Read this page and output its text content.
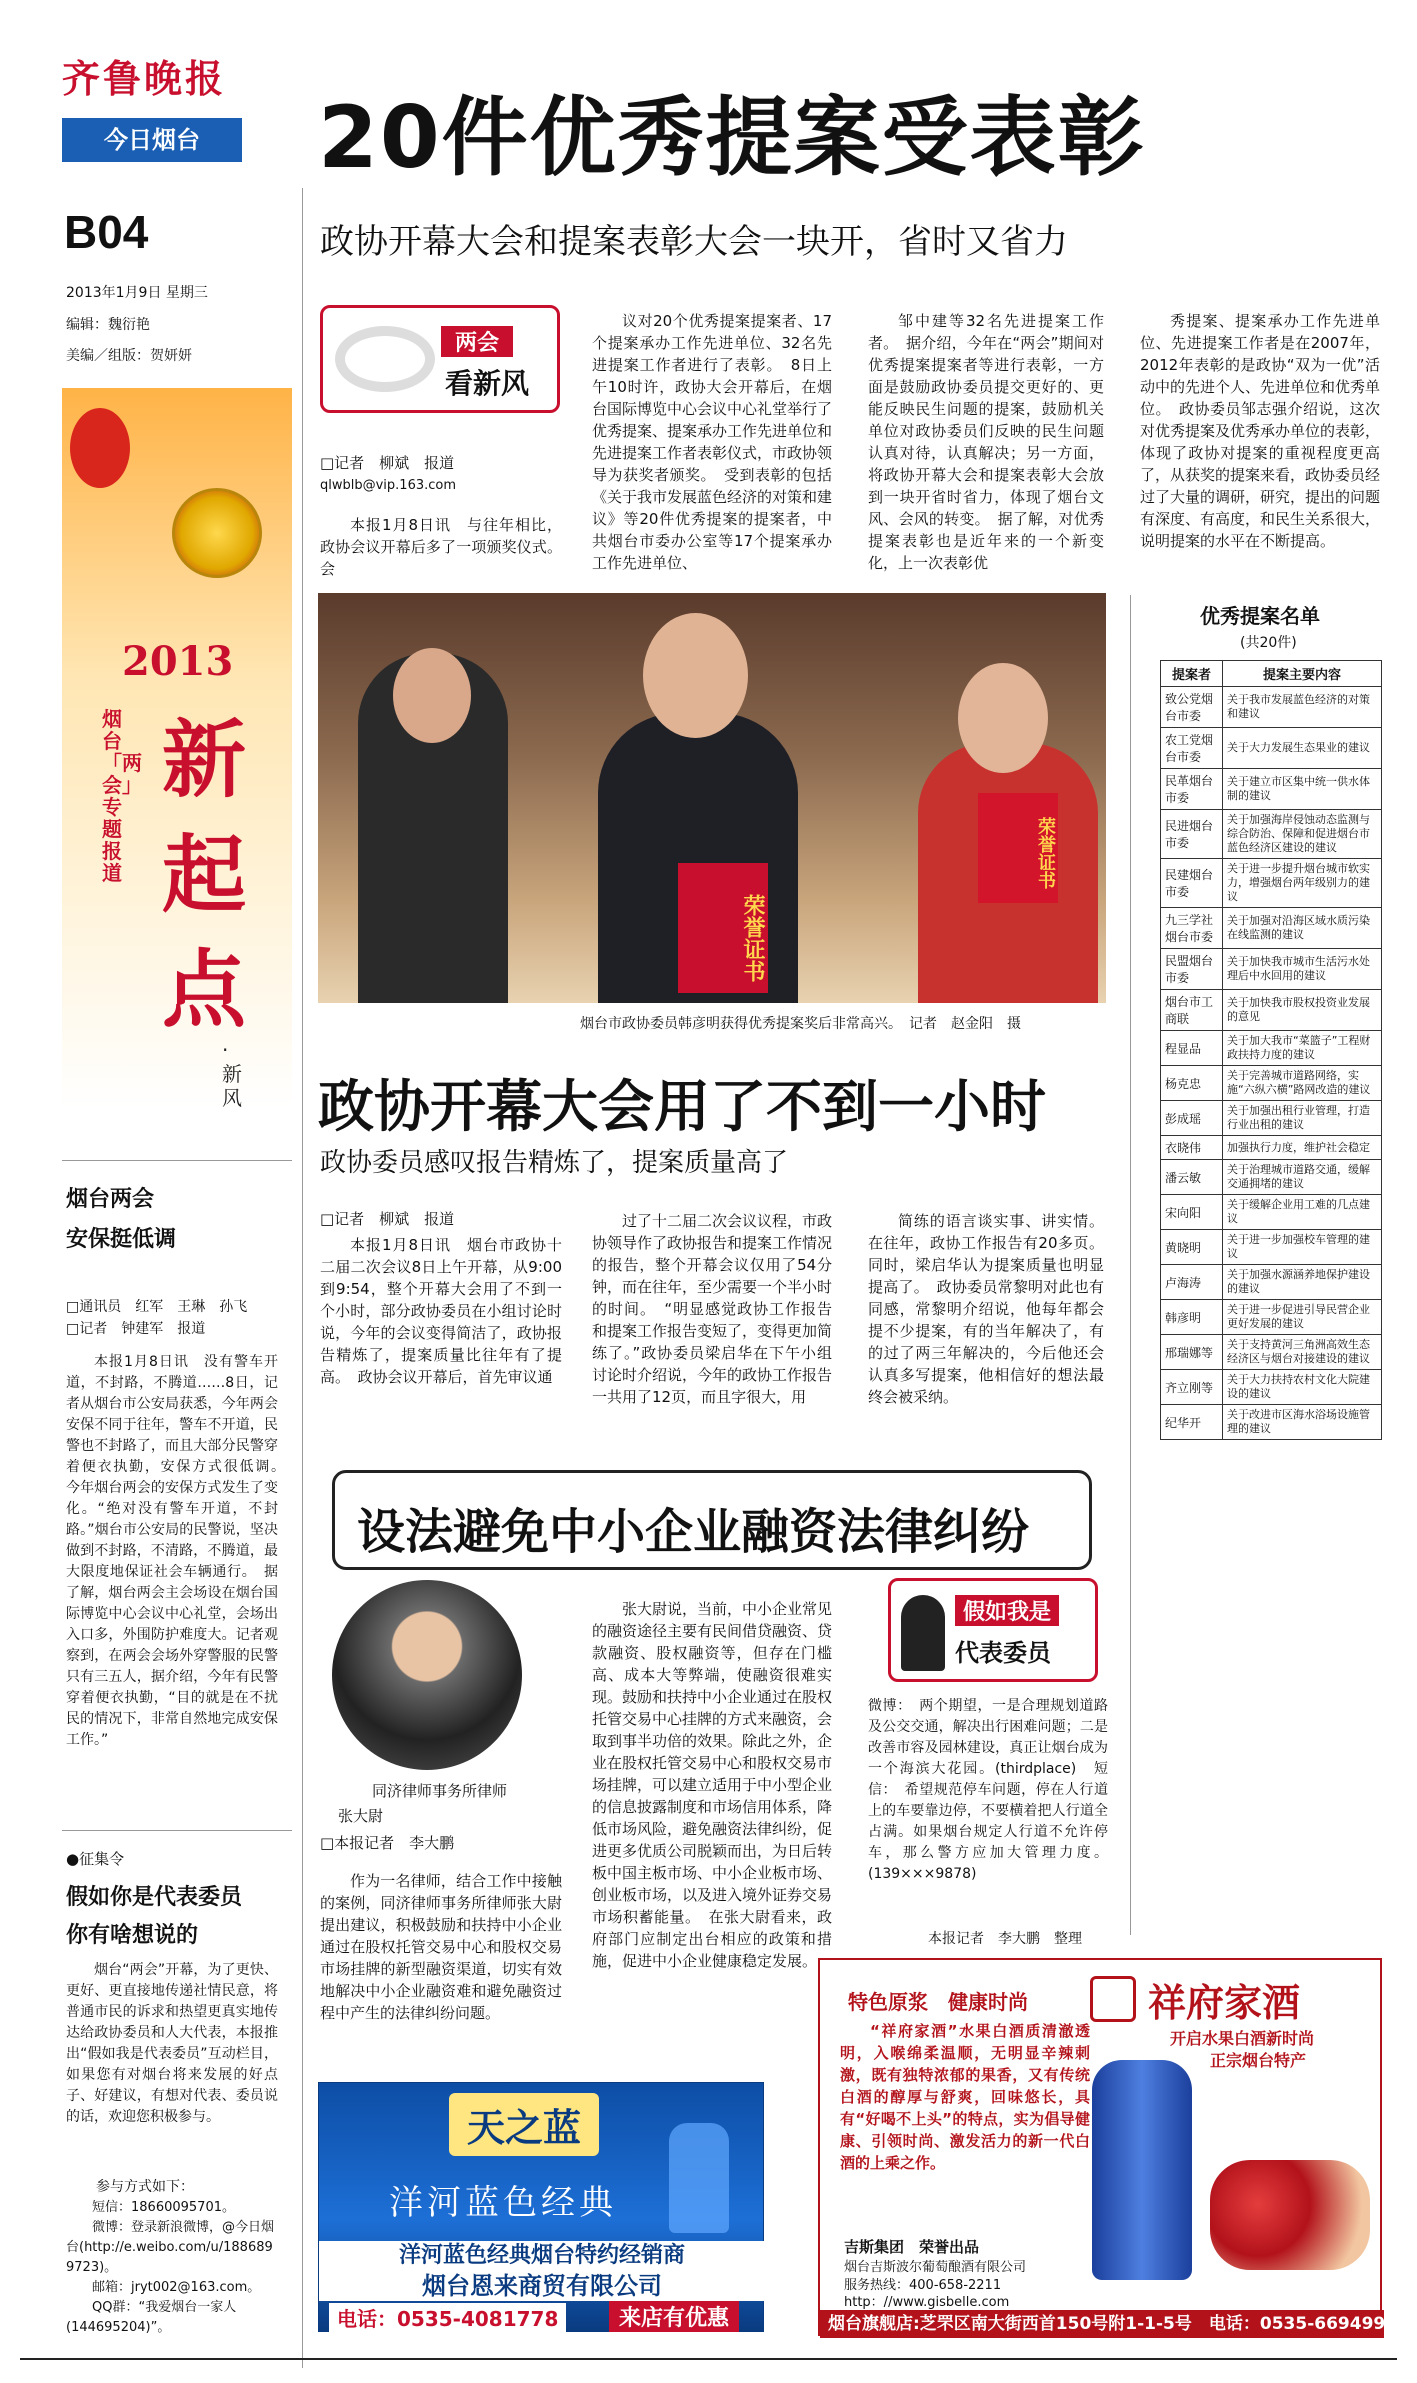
齐鲁晚报
今日烟台
B04
2013年1月9日 星期三
编辑：魏衍艳
美编／组版：贺妍妍
2013
新
起
点
烟台「两会」专题报道
·新风
20件优秀提案受表彰
政协开幕大会和提案表彰大会一块开，省时又省力
两会
看新风
□记者　柳斌　报道
qlwblb@vip.163.com

本报1月8日讯　与往年相比，政协会议开幕后多了一项颁奖仪式。会

议对20个优秀提案提案者、17个提案承办工作先进单位、32名先进提案工作者进行了表彰。　8日上午10时许，政协大会开幕后，在烟台国际博览中心会议中心礼堂举行了优秀提案、提案承办工作先进单位和先进提案工作者表彰仪式，市政协领导为获奖者颁奖。　受到表彰的包括《关于我市发展蓝色经济的对策和建议》等20件优秀提案的提案者，中共烟台市委办公室等17个提案承办工作先进单位、

邹中建等32名先进提案工作者。　据介绍，今年在“两会”期间对优秀提案提案者等进行表彰，一方面是鼓励政协委员提交更好的、更能反映民生问题的提案，鼓励机关单位对政协委员们反映的民生问题认真对待，认真解决；另一方面，将政协开幕大会和提案表彰大会放到一块开省时省力，体现了烟台文风、会风的转变。　据了解，对优秀提案表彰也是近年来的一个新变化，上一次表彰优

秀提案、提案承办工作先进单位、先进提案工作者是在2007年，2012年表彰的是政协“双为一优”活动中的先进个人、先进单位和优秀单位。　政协委员邹志强介绍说，这次对优秀提案及优秀承办单位的表彰，体现了政协对提案的重视程度更高了，从获奖的提案来看，政协委员经过了大量的调研，研究，提出的问题有深度、有高度，和民生关系很大，说明提案的水平在不断提高。

荣誉证书
荣誉证书
烟台市政协委员韩彦明获得优秀提案奖后非常高兴。　记者　赵金阳　摄
政协开幕大会用了不到一小时
政协委员感叹报告精炼了，提案质量高了
□记者　柳斌　报道

本报1月8日讯　烟台市政协十二届二次会议8日上午开幕，从9:00到9:54，整个开幕大会用了不到一个小时，部分政协委员在小组讨论时说，今年的会议变得简洁了，政协报告精炼了，提案质量比往年有了提高。　政协会议开幕后，首先审议通

过了十二届二次会议议程，市政协领导作了政协报告和提案工作情况的报告，整个开幕会议仅用了54分钟，而在往年，至少需要一个半小时的时间。　“明显感觉政协工作报告和提案工作报告变短了，变得更加简练了。”政协委员梁启华在下午小组讨论时介绍说，今年的政协工作报告一共用了12页，而且字很大，用

简练的语言谈实事、讲实情。在往年，政协工作报告有20多页。同时，梁启华认为提案质量也明显提高了。　政协委员常黎明对此也有同感，常黎明介绍说，他每年都会提不少提案，有的当年解决了，有的过了两三年解决的，今后他还会认真多写提案，他相信好的想法最终会被采纳。

设法避免中小企业融资法律纠纷
同济律师事务所律师
张大尉
□本报记者　李大鹏

作为一名律师，结合工作中接触的案例，同济律师事务所律师张大尉提出建议，积极鼓励和扶持中小企业通过在股权托管交易中心和股权交易市场挂牌的新型融资渠道，切实有效地解决中小企业融资难和避免融资过程中产生的法律纠纷问题。

张大尉说，当前，中小企业常见的融资途径主要有民间借贷融资、贷款融资、股权融资等，但存在门槛高、成本大等弊端，使融资很难实现。鼓励和扶持中小企业通过在股权托管交易中心挂牌的方式来融资，会取到事半功倍的效果。除此之外，企业在股权托管交易中心和股权交易市场挂牌，可以建立适用于中小型企业的信息披露制度和市场信用体系，降低市场风险，避免融资法律纠纷，促进更多优质公司脱颖而出，为日后转板中国主板市场、中小企业板市场、创业板市场，以及进入境外证券交易市场积蓄能量。　在张大尉看来，政府部门应制定出台相应的政策和措施，促进中小企业健康稳定发展。

假如我是
代表委员

微博：　两个期望，一是合理规划道路及公交交通，解决出行困难问题；二是改善市容及园林建设，真正让烟台成为一个海滨大花园。(thirdplace)　短信：　希望规范停车问题，停在人行道上的车要靠边停，不要横着把人行道全占满。如果烟台规定人行道不允许停车，那么警方应加大管理力度。(139×××9878)

本报记者　李大鹏　整理
烟台两会
安保挺低调
□通讯员　红军　王琳　孙飞
□记者　钟建军　报道

本报1月8日讯　没有警车开道，不封路，不腾道……8日，记者从烟台市公安局获悉，今年两会安保不同于往年，警车不开道，民警也不封路了，而且大部分民警穿着便衣执勤，安保方式很低调。　今年烟台两会的安保方式发生了变化。“绝对没有警车开道，不封路。”烟台市公安局的民警说，坚决做到不封路，不清路，不腾道，最大限度地保证社会车辆通行。　据了解，烟台两会主会场设在烟台国际博览中心会议中心礼堂，会场出入口多，外围防护难度大。记者观察到，在两会会场外穿警服的民警只有三五人，据介绍，今年有民警穿着便衣执勤，“目的就是在不扰民的情况下，非常自然地完成安保工作。”

●征集令
假如你是代表委员
你有啥想说的

烟台“两会”开幕，为了更快、更好、更直接地传递社情民意，将普通市民的诉求和热望更真实地传达给政协委员和人大代表，本报推出“假如我是代表委员”互动栏目，如果您有对烟台将来发展的好点子、好建议，有想对代表、委员说的话，欢迎您积极参与。

参与方式如下：
短信：18660095701。
微博：登录新浪微博，@今日烟台(http://e.weibo.com/u/1886899723)。
邮箱：jryt002@163.com。
QQ群：“我爱烟台一家人(144695204)”。
优秀提案名单
(共20件)
提案者	提案主要内容
致公党烟台市委	关于我市发展蓝色经济的对策和建议
农工党烟台市委	关于大力发展生态果业的建议
民革烟台市委	关于建立市区集中统一供水体制的建议
民进烟台市委	关于加强海岸侵蚀动态监测与综合防治、保障和促进烟台市蓝色经济区建设的建议
民建烟台市委	关于进一步提升烟台城市软实力，增强烟台两年级别力的建议
九三学社烟台市委	关于加强对沿海区域水质污染在线监测的建议
民盟烟台市委	关于加快我市城市生活污水处理后中水回用的建议
烟台市工商联	关于加快我市股权投资业发展的意见
程显品	关于加大我市“菜篮子”工程财政扶持力度的建议
杨克忠	关于完善城市道路网络，实施“六纵六横”路网改造的建议
彭成瑶	关于加强出租行业管理，打造行业出租的建议
衣晓伟	加强执行力度，维护社会稳定
潘云敏	关于治理城市道路交通，缓解交通拥堵的建议
宋向阳	关于缓解企业用工难的几点建议
黄晓明	关于进一步加强校车管理的建议
卢海涛	关于加强水源涵养地保护建设的建议
韩彦明	关于进一步促进引导民营企业更好发展的建议
邢瑞娜等	关于支持黄河三角洲高效生态经济区与烟台对接建设的建议
齐立刚等	关于大力扶持农村文化大院建设的建议
纪华开	关于改进市区海水浴场设施管理的建议
天之蓝
洋河蓝色经典
洋河蓝色经典烟台特约经销商
烟台恩来商贸有限公司
电话：0535-4081778	来店有优惠
特色原浆　健康时尚	祥府家酒
开启水果白酒新时尚
正宗烟台特产

“祥府家酒”水果白酒质清澈透明，入喉绵柔温顺，无明显辛辣刺激，既有独特浓郁的果香，又有传统白酒的醇厚与舒爽，回味悠长，具有“好喝不上头”的特点，实为倡导健康、引领时尚、激发活力的新一代白酒的上乘之作。

吉斯集团　荣誉出品
烟台吉斯波尔葡萄酿酒有限公司
服务热线：400-658-2211
http：//www.gisbelle.com
烟台旗舰店:芝罘区南大街西首150号附1-1-5号　 电话：0535-6694999
